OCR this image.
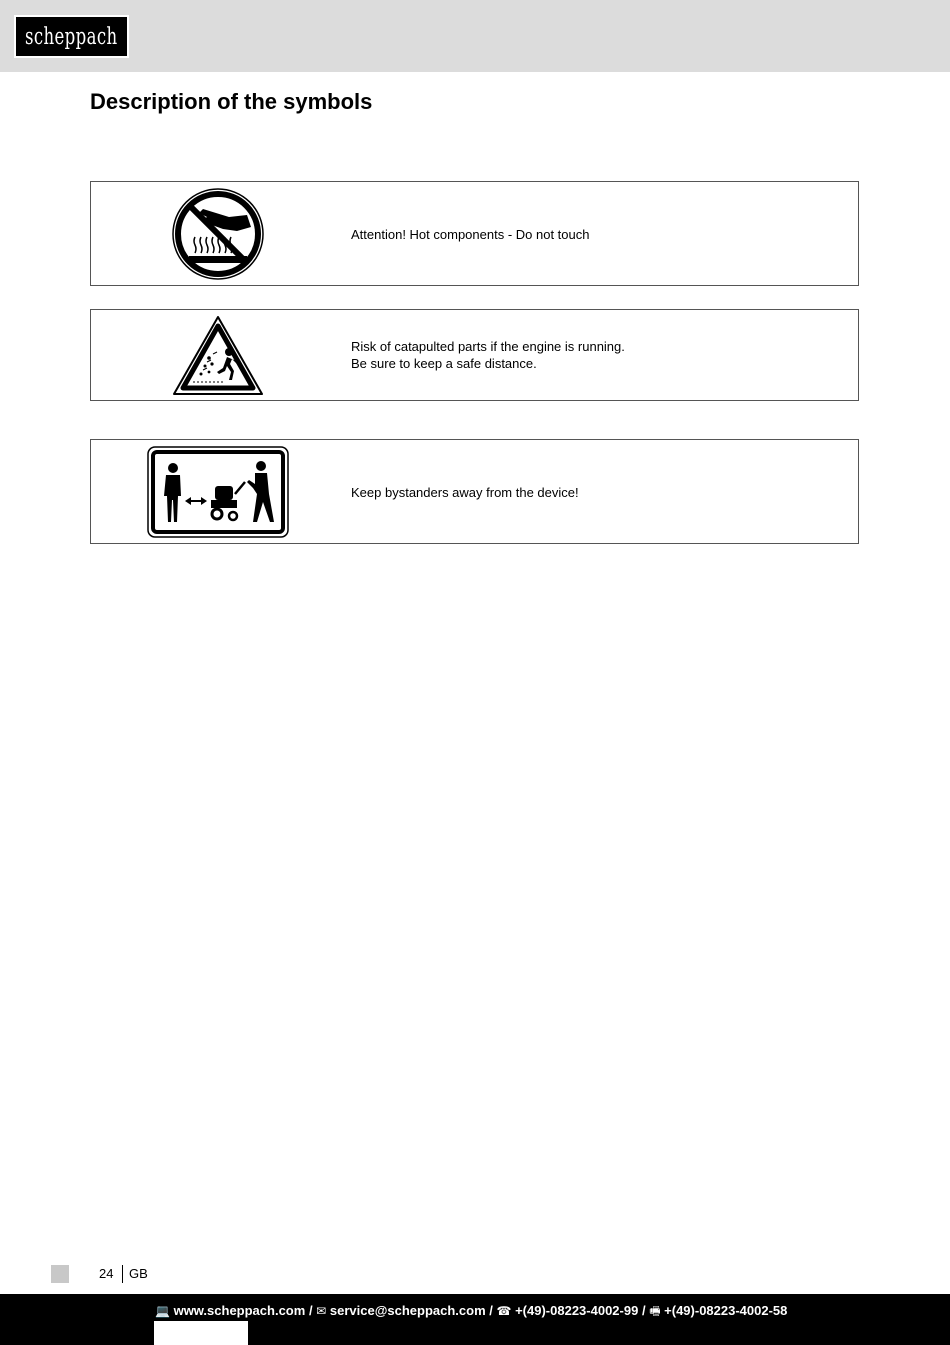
scheppach
Description of the symbols

Attention! Hot components - Do not touch

Risk of catapulted parts if the engine is running.
Be sure to keep a safe distance.

Keep bystanders away from the device!

24 GB
💻 www.scheppach.com / ✉ service@scheppach.com / ☎ +(49)-08223-4002-99 / 🖷 +(49)-08223-4002-58
